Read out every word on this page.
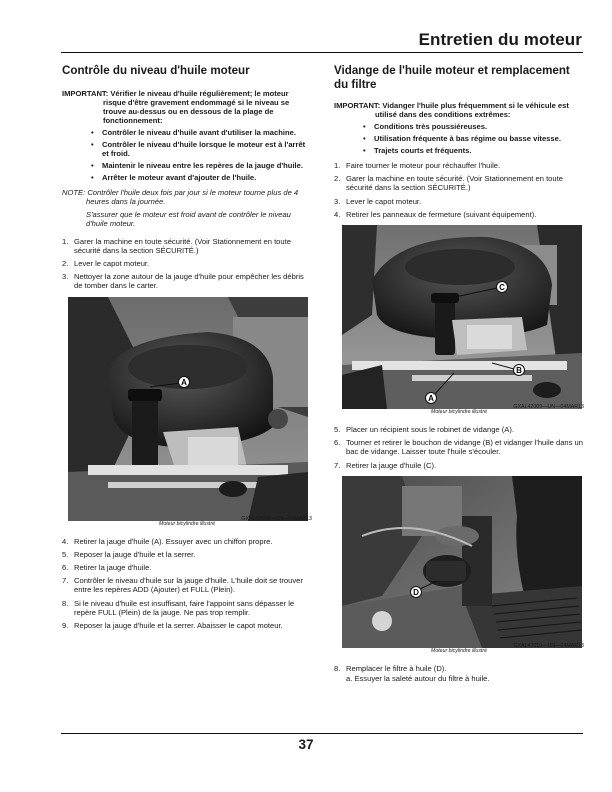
Entretien du moteur
Contrôle du niveau d'huile moteur
IMPORTANT: Vérifier le niveau d'huile régulièrement; le moteur risque d'être gravement endommagé si le niveau se trouve au-dessus ou en dessous de la plage de fonctionnement:
• Contrôler le niveau d'huile avant d'utiliser la machine.
• Contrôler le niveau d'huile lorsque le moteur est à l'arrêt et froid.
• Maintenir le niveau entre les repères de la jauge d'huile.
• Arrêter le moteur avant d'ajouter de l'huile.
NOTE: Contrôler l'huile deux fois par jour si le moteur tourne plus de 4 heures dans la journée.
S'assurer que le moteur est froid avant de contrôler le niveau d'huile moteur.
1. Garer la machine en toute sécurité. (Voir Stationnement en toute sécurité dans la section SÉCURITÉ.)
2. Lever le capot moteur.
3. Nettoyer la zone autour de la jauge d'huile pour empêcher les débris de tomber dans le carter.
A
GXAL42008—UN—04MAR13
Moteur bicylindre illustré
4. Retirer la jauge d'huile (A). Essuyer avec un chiffon propre.
5. Reposer la jauge d'huile et la serrer.
6. Retirer la jauge d'huile.
7. Contrôler le niveau d'huile sur la jauge d'huile. L'huile doit se trouver entre les repères ADD (Ajouter) et FULL (Plein).
8. Si le niveau d'huile est insuffisant, faire l'appoint sans dépasser le repère FULL (Plein) de la jauge. Ne pas trop remplir.
9. Reposer la jauge d'huile et la serrer. Abaisser le capot moteur.
Vidange de l'huile moteur et remplacement du filtre
IMPORTANT: Vidanger l'huile plus fréquemment si le véhicule est utilisé dans des conditions extrêmes:
• Conditions très poussiéreuses.
• Utilisation fréquente à bas régime ou basse vitesse.
• Trajets courts et fréquents.
1. Faire tourner le moteur pour réchauffer l'huile.
2. Garer la machine en toute sécurité. (Voir Stationnement en toute sécurité dans la section SÉCURITÉ.)
3. Lever le capot moteur.
4. Retirer les panneaux de fermeture (suivant équipement).
C
B
A
GXAL42009—UN—04MAR13
Moteur bicylindre illustré
5. Placer un récipient sous le robinet de vidange (A).
6. Tourner et retirer le bouchon de vidange (B) et vidanger l'huile dans un bac de vidange. Laisser toute l'huile s'écouler.
7. Retirer la jauge d'huile (C).
D
GXAL42010—UN—04MAR13
Moteur bicylindre illustré
8. Remplacer le filtre à huile (D).
a. Essuyer la saleté autour du filtre à huile.
37
